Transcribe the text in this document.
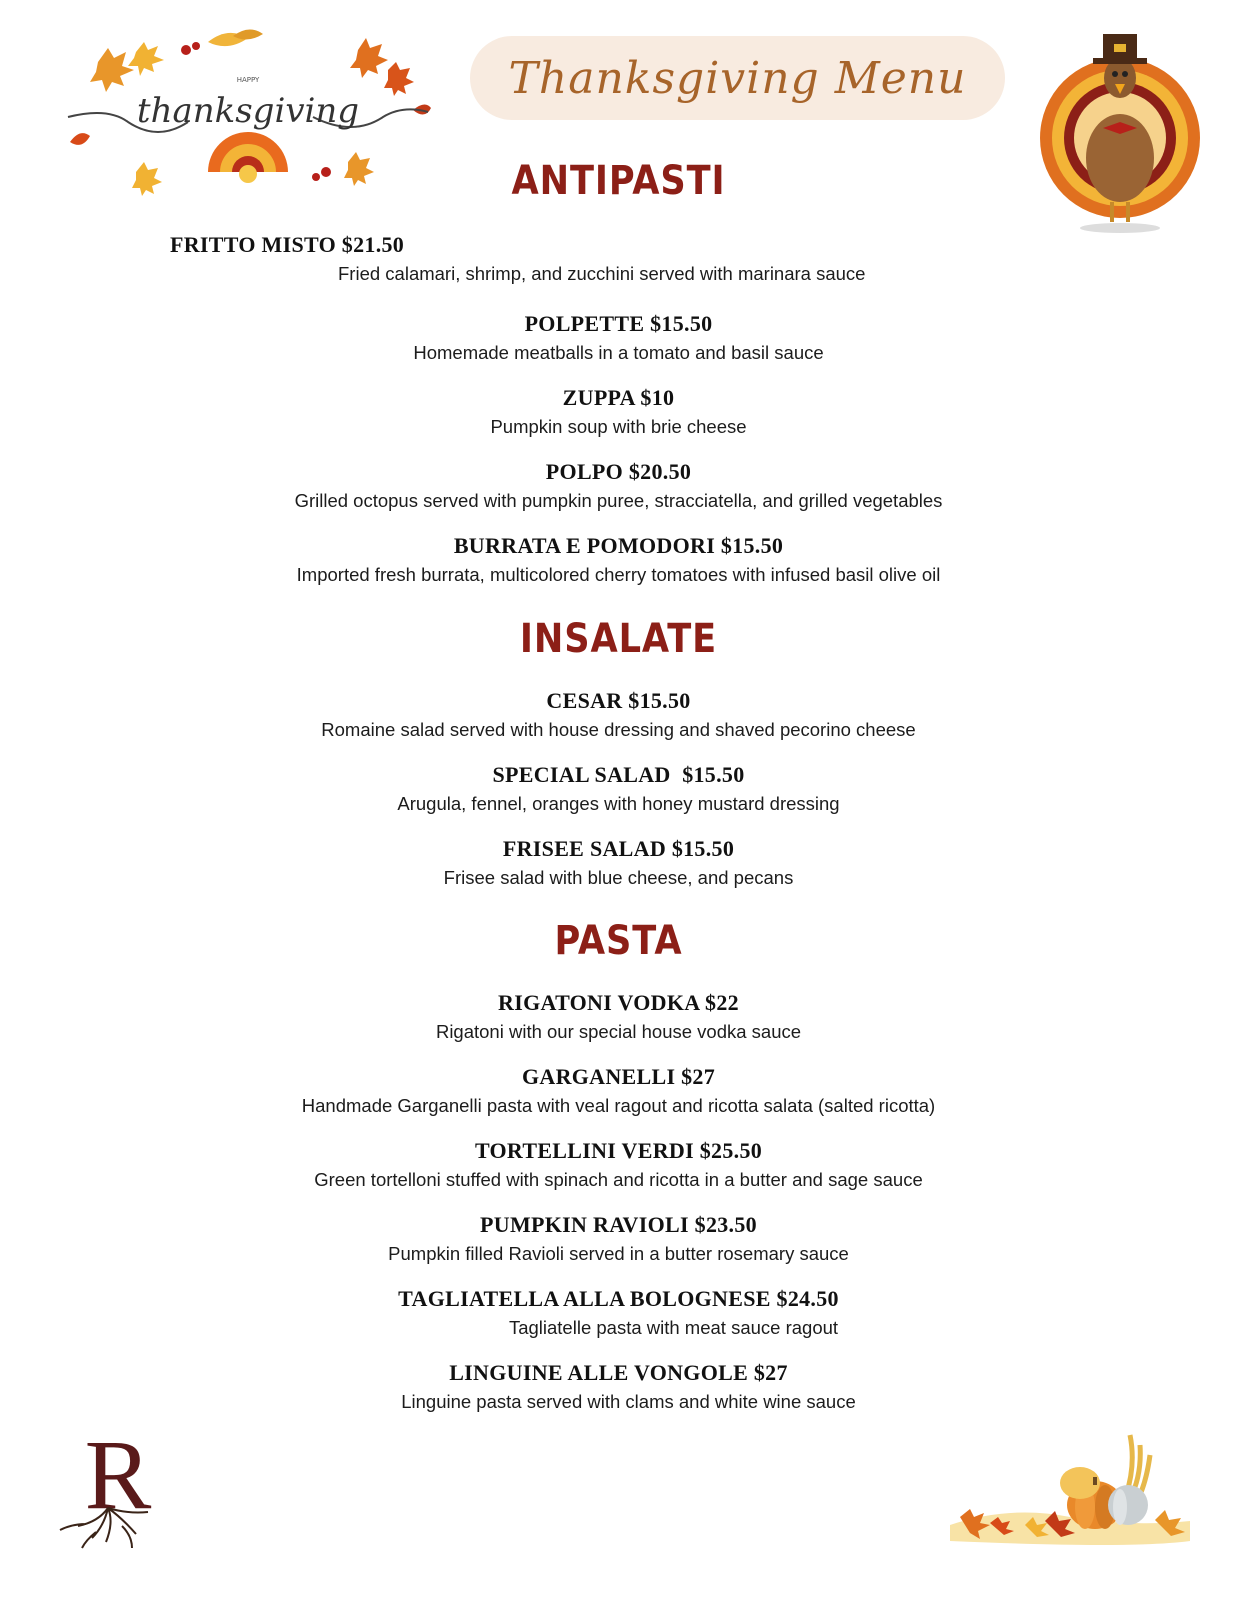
HAPPY
thanksgiving
Thanksgiving Menu
ANTIPASTI
FRITTO MISTO $21.50
Fried calamari, shrimp, and zucchini served with marinara sauce
POLPETTE $15.50
Homemade meatballs in a tomato and basil sauce
ZUPPA $10
Pumpkin soup with brie cheese
POLPO $20.50
Grilled octopus served with pumpkin puree, stracciatella, and grilled vegetables
BURRATA E POMODORI $15.50
Imported fresh burrata, multicolored cherry tomatoes with infused basil olive oil
INSALATE
CESAR $15.50
Romaine salad served with house dressing and shaved pecorino cheese
SPECIAL SALAD  $15.50
Arugula, fennel, oranges with honey mustard dressing
FRISEE SALAD $15.50
Frisee salad with blue cheese, and pecans
PASTA
RIGATONI VODKA $22
Rigatoni with our special house vodka sauce
GARGANELLI $27
Handmade Garganelli pasta with veal ragout and ricotta salata (salted ricotta)
TORTELLINI VERDI $25.50
Green tortelloni stuffed with spinach and ricotta in a butter and sage sauce
PUMPKIN RAVIOLI $23.50
Pumpkin filled Ravioli served in a butter rosemary sauce
TAGLIATELLA ALLA BOLOGNESE $24.50
Tagliatelle pasta with meat sauce ragout
LINGUINE ALLE VONGOLE $27
Linguine pasta served with clams and white wine sauce
R
